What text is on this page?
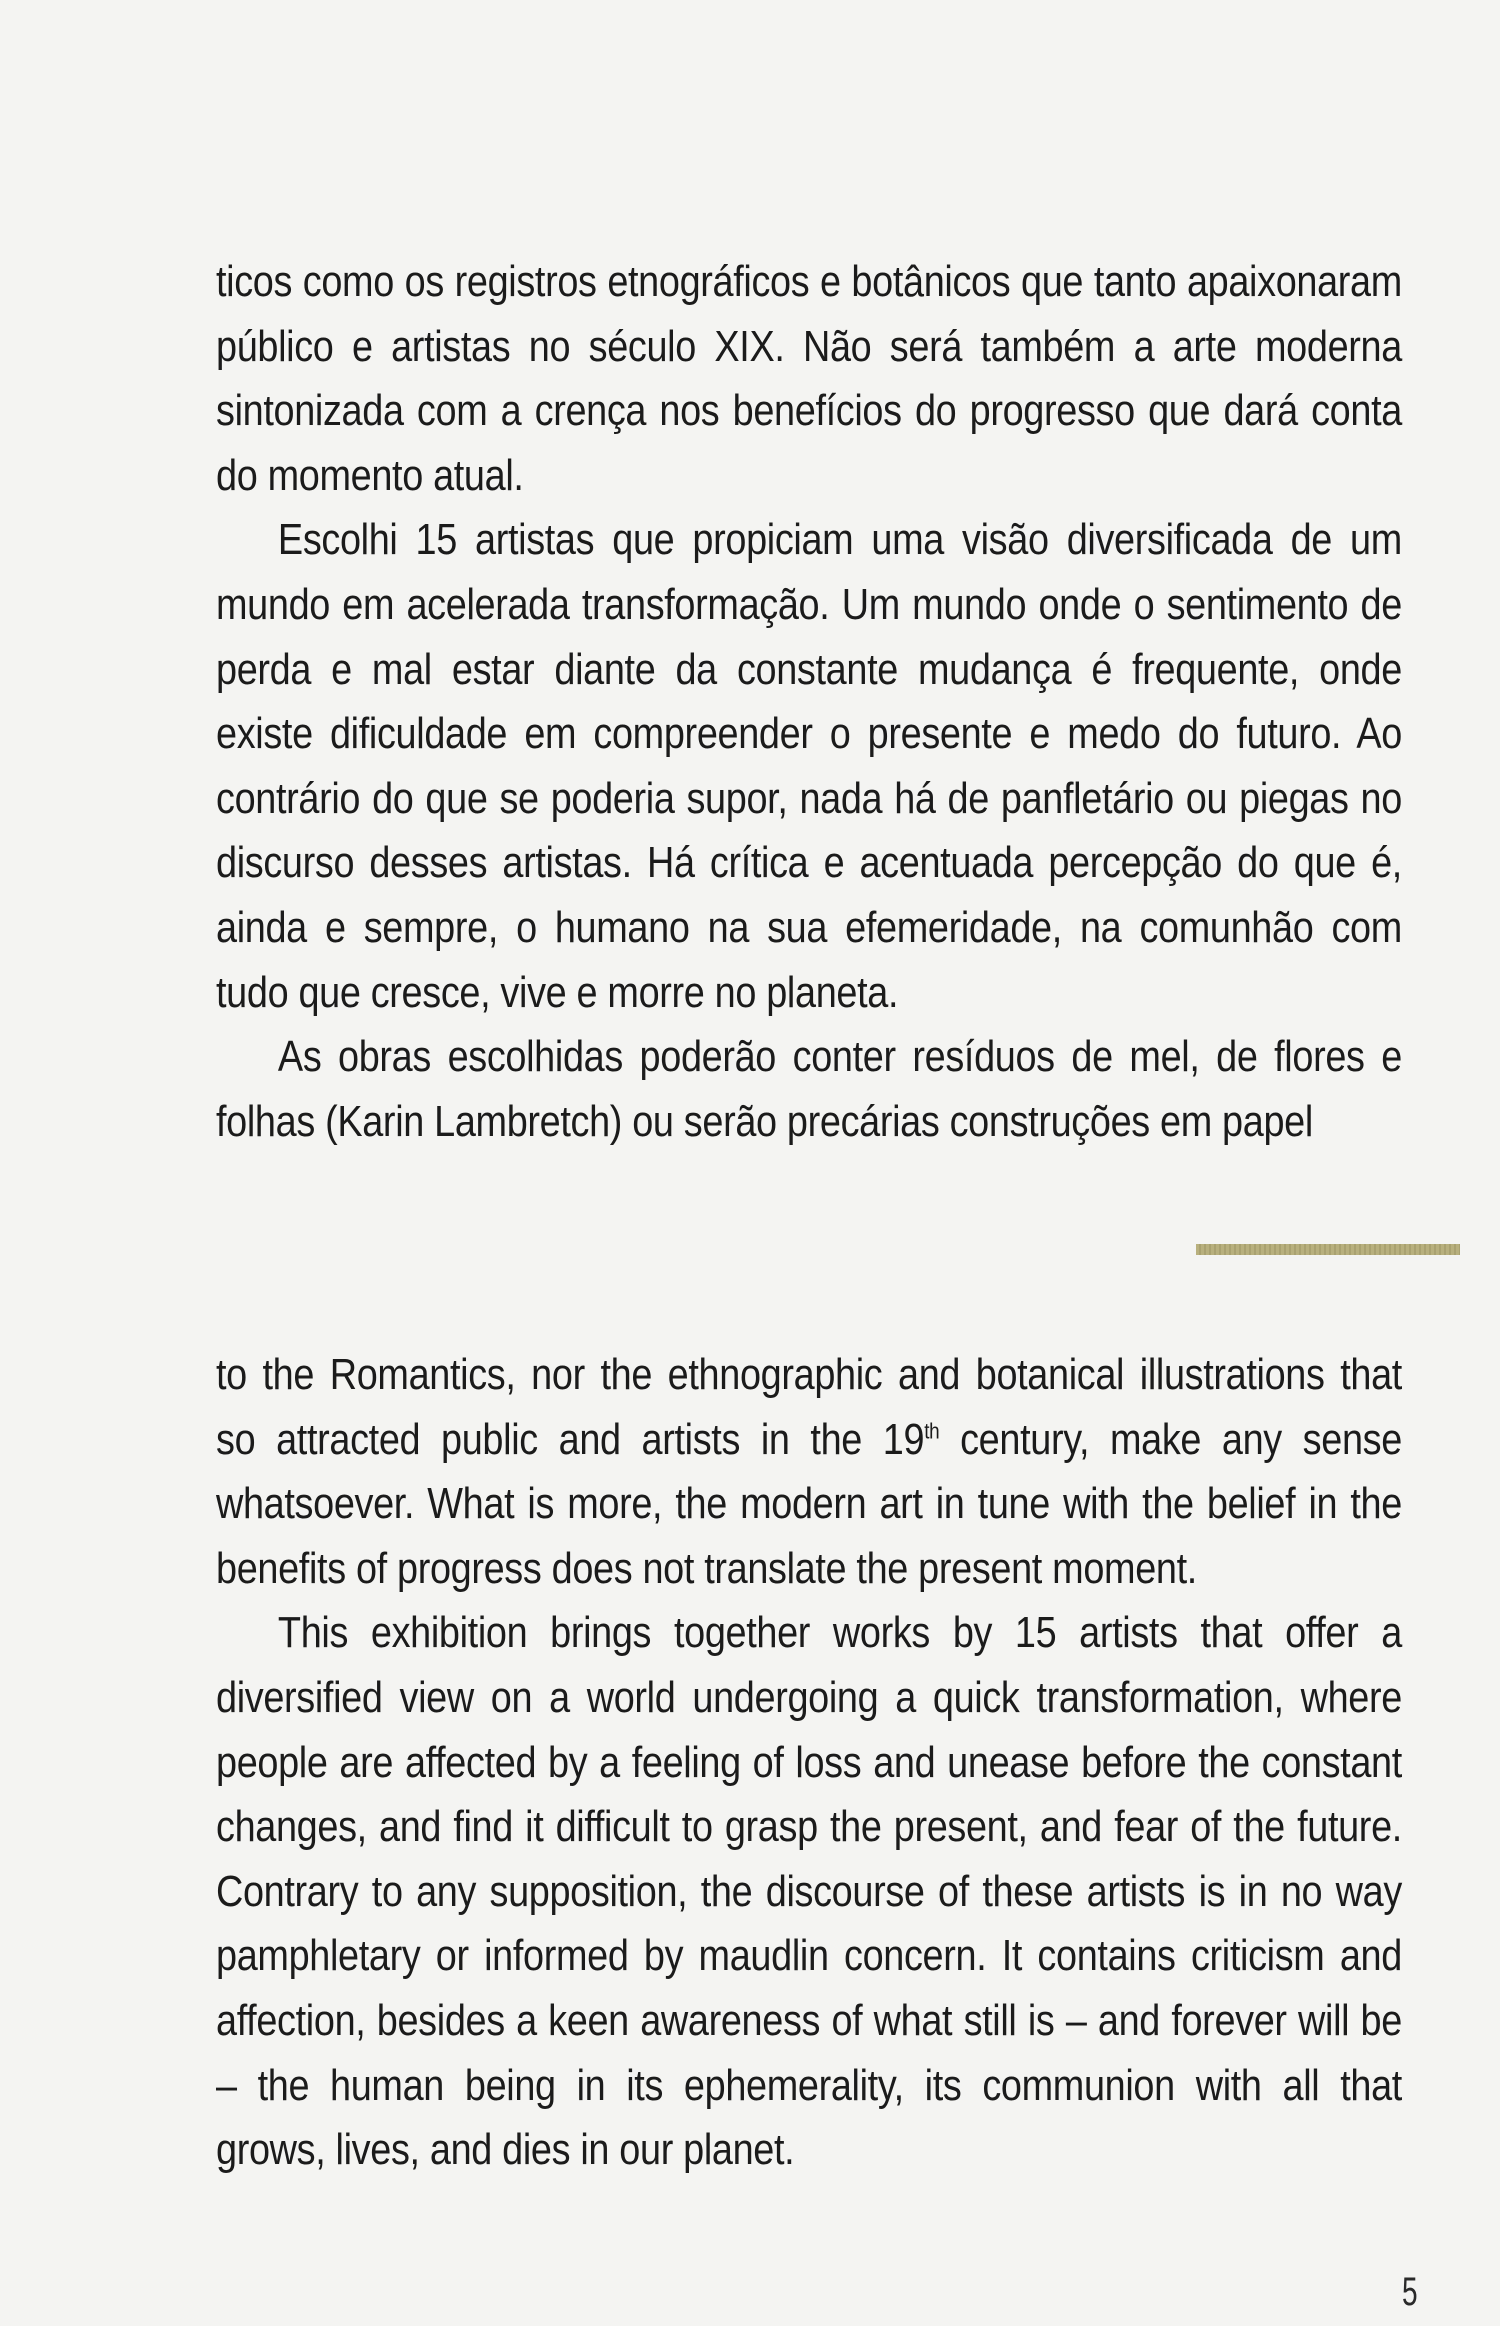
ticos como os registros etnográficos e botânicos que tanto apaixonaram público e artistas no século XIX. Não será também a arte moderna sintonizada com a crença nos benefícios do progresso que dará conta do momento atual.

Escolhi 15 artistas que propiciam uma visão diversificada de um mundo em acelerada transformação. Um mundo onde o sentimento de perda e mal estar diante da constante mudança é frequente, onde existe dificuldade em compreender o presente e medo do futuro. Ao contrário do que se poderia supor, nada há de panfletário ou piegas no discurso desses artistas. Há crítica e acentuada percepção do que é, ainda e sempre, o humano na sua efemeridade, na comunhão com tudo que cresce, vive e morre no planeta.

As obras escolhidas poderão conter resíduos de mel, de flores e folhas (Karin Lambretch) ou serão precárias construções em papel

to the Romantics, nor the ethnographic and botanical illustrations that so attracted public and artists in the 19th century, make any sense whatsoever. What is more, the modern art in tune with the belief in the benefits of progress does not translate the present moment.

This exhibition brings together works by 15 artists that offer a diversified view on a world undergoing a quick transformation, where people are affected by a feeling of loss and unease before the constant changes, and find it difficult to grasp the present, and fear of the future. Contrary to any supposition, the discourse of these artists is in no way pamphletary or informed by maudlin concern. It contains criticism and affection, besides a keen awareness of what still is – and forever will be – the human being in its ephemerality, its communion with all that grows, lives, and dies in our planet.

5
